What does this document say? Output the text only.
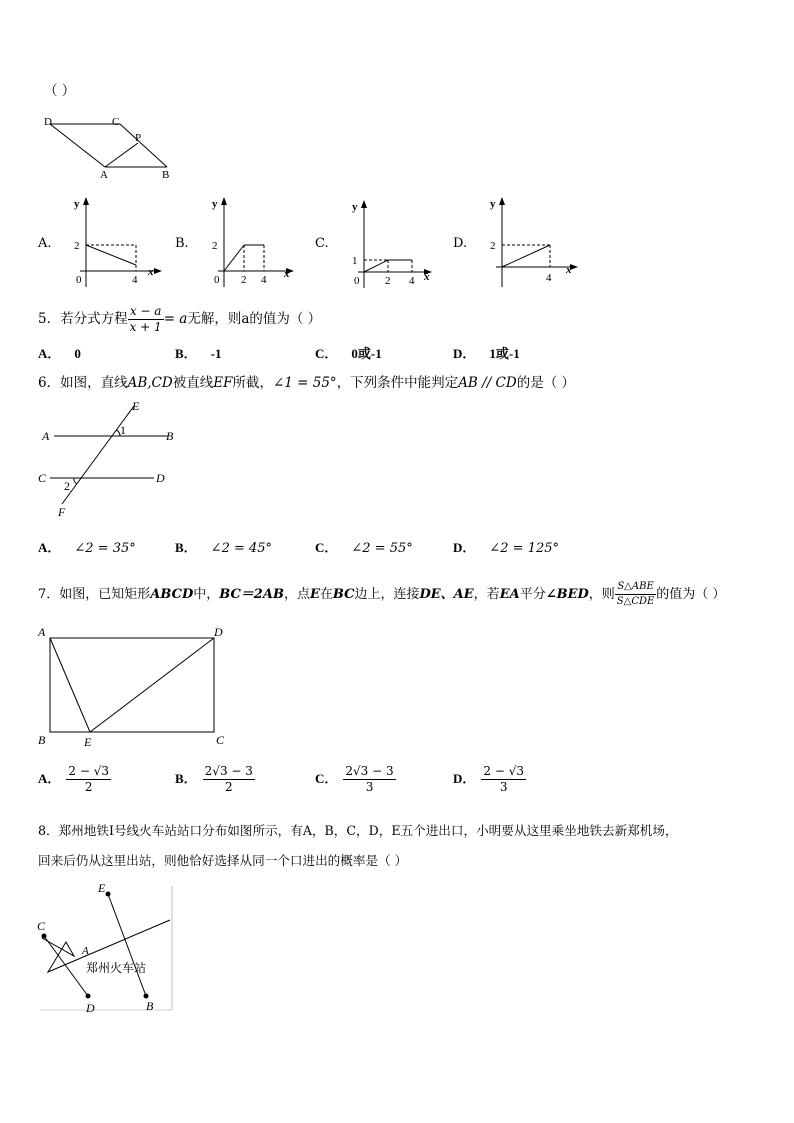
（ ）
D	C
P
A	B
A.
y
x
2
0	4
B.
y
x
2
0 2 4
C.
y
x
1
0 2 4
D.
y
x
2
4
5．若分式方程 $\frac{x - a}{x + 1} = a$无解，则a的值为（ ）
A． 0	B． -1	C． 0或-1	D． 1或-1
6．如图，直线AB,CD被直线EF所截，∠1 = 55°，下列条件中能判定AB // CD的是（ ）
E
A	B
C	D
F
1
2
A． ∠2 = 35°	B． ∠2 = 45°	C． ∠2 = 55°	D． ∠2 = 125°
7．如图，已知矩形ABCD中，BC＝2AB，点E在BC边上，连接DE、AE，若EA平分∠BED，则 $\frac{\text{S△ABE}}{\text{S△CDE}}$ 的值为（ ）
A	D
B	E	C
A． $\frac{2 - √3}{2}$	B． $\frac{2√3 - 3}{2}$	C． $\frac{2√3 - 3}{3}$	D． $\frac{2 - √3}{3}$
8．郑州地铁Ⅰ号线火车站站口分布如图所示，有A，B，C，D，E五个进出口，小明要从这里乘坐地铁去新郑机场，
回来后仍从这里出站，则他恰好选择从同一个口进出的概率是（ ）
E
C
A
郑州火车站
D	B
